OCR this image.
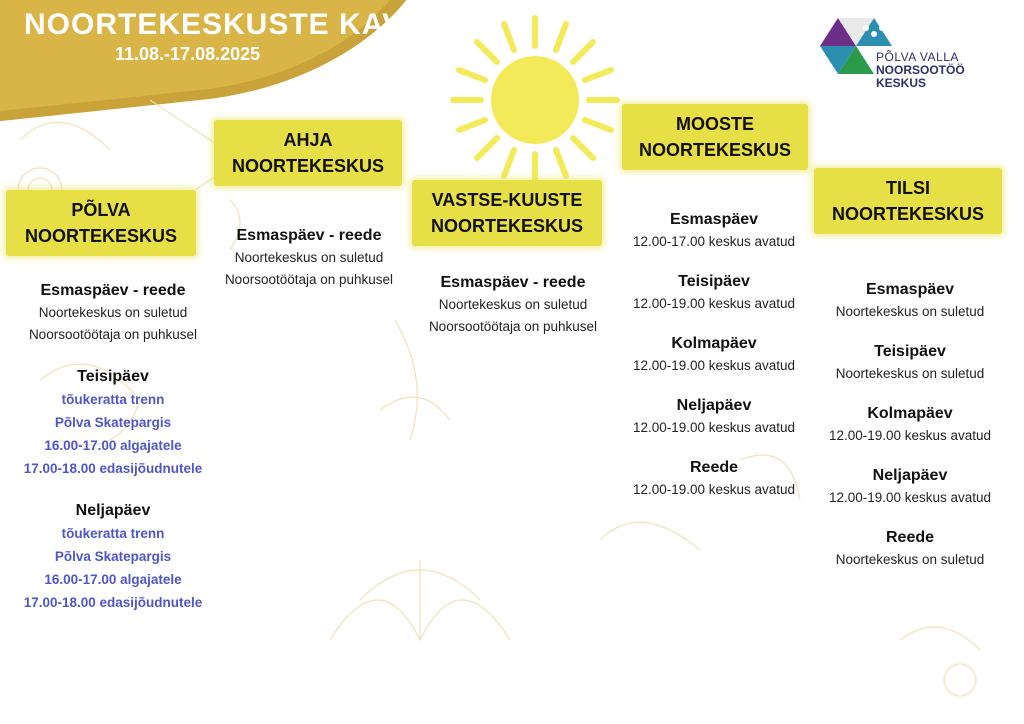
NOORTEKESKUSTE KAVA
11.08.-17.08.2025	PÕLVA VALLA
NOORSOOTÖÖ
KESKUS
PÕLVA
NOORTEKESKUS
AHJA
NOORTEKESKUS
VASTSE-KUUSTE
NOORTEKESKUS
MOOSTE
NOORTEKESKUS
TILSI
NOORTEKESKUS

Esmaspäev - reede

Noortekeskus on suletud

Noorsootöötaja on puhkusel

Teisipäev

tõukeratta trenn

Põlva Skatepargis

16.00-17.00 algajatele

17.00-18.00 edasijõudnutele

Neljapäev

tõukeratta trenn

Põlva Skatepargis

16.00-17.00 algajatele

17.00-18.00 edasijõudnutele

Esmaspäev - reede

Noortekeskus on suletud

Noorsootöötaja on puhkusel	Esmaspäev - reede

Noortekeskus on suletud

Noorsootöötaja on puhkusel

Esmaspäev

12.00-17.00 keskus avatud

Teisipäev

12.00-19.00 keskus avatud

Kolmapäev

12.00-19.00 keskus avatud

Neljapäev

12.00-19.00 keskus avatud

Reede

12.00-19.00 keskus avatud

Esmaspäev

Noortekeskus on suletud

Teisipäev

Noortekeskus on suletud

Kolmapäev

12.00-19.00 keskus avatud

Neljapäev

12.00-19.00 keskus avatud

Reede

Noortekeskus on suletud
